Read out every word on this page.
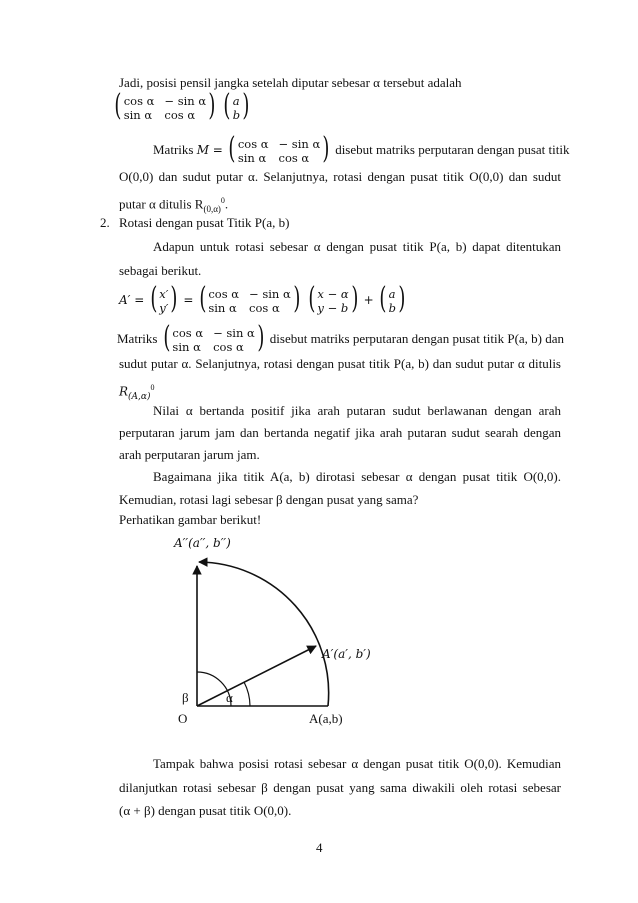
Jadi, posisi pensil jangka setelah diputar sebesar α tersebut adalah
( cos α − sin α
sin α cos α )
( a
b )
Matriks M = ( cos α − sin α
sin α cos α ) disebut matriks perputaran dengan pusat titik
O(0,0) dan sudut putar α. Selanjutnya, rotasi dengan pusat titik O(0,0) dan sudut
putar α ditulis $R_{(0,\alpha)}^0$.
2. Rotasi dengan pusat Titik P(a, b)
Adapun untuk rotasi sebesar α dengan pusat titik P(a, b) dapat ditentukan
sebagai berikut.
A′ = ( x′
y′ ) = ( cos α − sin α
sin α cos α )
( x − α
y − b ) + ( a
b )
Matriks ( cos α − sin α
sin α cos α ) disebut matriks perputaran dengan pusat titik P(a, b) dan
sudut putar α. Selanjutnya, rotasi dengan pusat titik P(a, b) dan sudut putar α ditulis
$R_{(A,\alpha)}^0$
Nilai α bertanda positif jika arah putaran sudut berlawanan dengan arah
perputaran jarum jam dan bertanda negatif jika arah putaran sudut searah dengan
arah perputaran jarum jam.
Bagaimana jika titik A(a, b) dirotasi sebesar α dengan pusat titik O(0,0).
Kemudian, rotasi lagi sebesar β dengan pusat yang sama?
Perhatikan gambar berikut!
A′′(a′′, b′′)
A′(a′, b′)
β	α
O	A(a,b)
Tampak bahwa posisi rotasi sebesar α dengan pusat titik O(0,0). Kemudian
dilanjutkan rotasi sebesar β dengan pusat yang sama diwakili oleh rotasi sebesar
(α + β) dengan pusat titik O(0,0).
4
